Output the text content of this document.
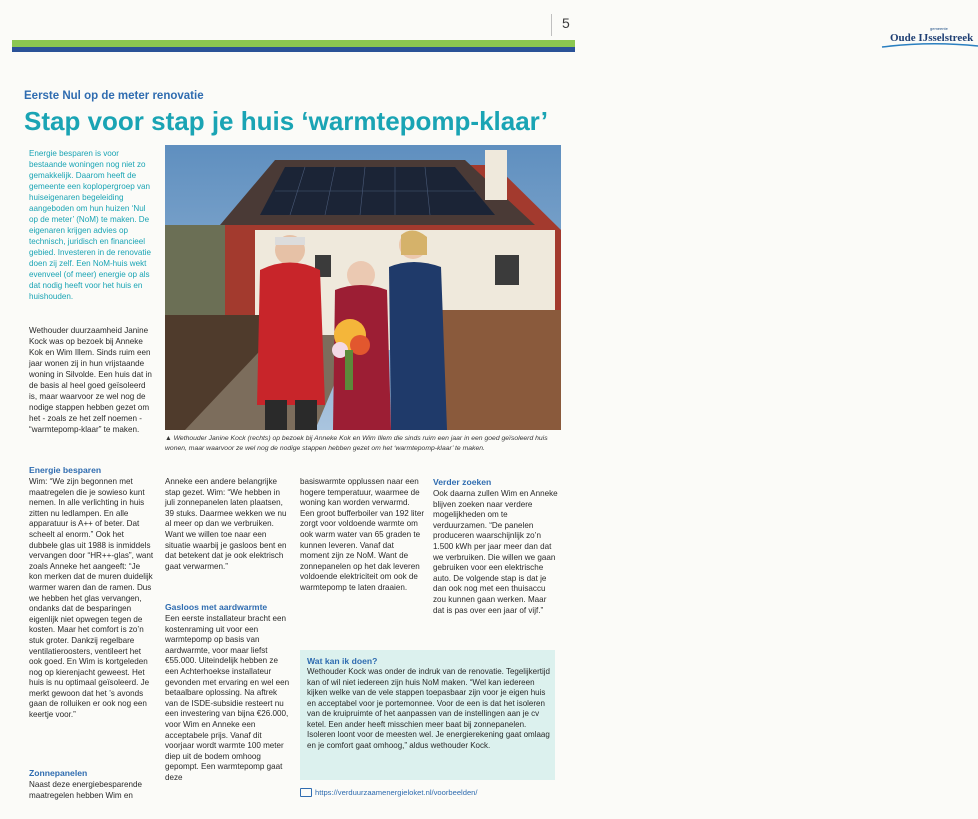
gemeente
Oude IJsselstreek
5
Eerste Nul op de meter renovatie
Stap voor stap je huis ‘warmtepomp-klaar’

Energie besparen is voor bestaande woningen nog niet zo gemakkelijk. Daarom heeft de gemeente een koplopergroep van huiseigenaren begeleiding aangeboden om hun huizen ‘Nul op de meter’ (NoM) te maken. De eigenaren krijgen advies op technisch, juridisch en financieel gebied. Investeren in de renovatie doen zij zelf. Een NoM-huis wekt evenveel (of meer) energie op als dat nodig heeft voor het huis en huishouden.

Wethouder duurzaamheid Janine Kock was op bezoek bij Anneke Kok en Wim Illem. Sinds ruim een jaar wonen zij in hun vrijstaande woning in Silvolde. Een huis dat in de basis al heel goed geïsoleerd is, maar waarvoor ze wel nog de nodige stappen hebben gezet om het - zoals ze het zelf noemen - “warmtepomp-klaar” te maken.

▲ Wethouder Janine Kock (rechts) op bezoek bij Anneke Kok en Wim Illem die sinds ruim een jaar in een goed geïsoleerd huis wonen, maar waarvoor ze wel nog de nodige stappen hebben gezet om het ‘warmtepomp-klaar’ te maken.
Energie besparen
Wim: “We zijn begonnen met maatregelen die je sowieso kunt nemen. In alle verlichting in huis zitten nu ledlampen. En alle apparatuur is A++ of beter. Dat scheelt al enorm.” Ook het dubbele glas uit 1988 is inmiddels vervangen door “HR++-glas”, want zoals Anneke het aangeeft: “Je kon merken dat de muren duidelijk warmer waren dan de ramen. Dus we hebben het glas vervangen, ondanks dat de besparingen eigenlijk niet opwegen tegen de kosten. Maar het comfort is zo’n stuk groter. Dankzij regelbare ventilatieroosters, ventileert het ook goed. En Wim is kortgeleden nog op kierenjacht geweest. Het huis is nu optimaal geïsoleerd. Je merkt gewoon dat het ’s avonds gaan de rolluiken er ook nog een keertje voor.”
Zonnepanelen
Naast deze energiebesparende maatregelen hebben Wim en
Anneke een andere belangrijke stap gezet. Wim: “We hebben in juli zonnepanelen laten plaatsen, 39 stuks. Daarmee wekken we nu al meer op dan we verbruiken. Want we willen toe naar een situatie waarbij je gasloos bent en dat betekent dat je ook elektrisch gaat verwarmen.”
Gasloos met aardwarmte
Een eerste installateur bracht een kostenraming uit voor een warmtepomp op basis van aardwarmte, voor maar liefst €55.000. Uiteindelijk hebben ze een Achterhoekse installateur gevonden met ervaring en wel een betaalbare oplossing. Na aftrek van de ISDE-subsidie resteert nu een investering van bijna €26.000, voor Wim en Anneke een acceptabele prijs. Vanaf dit voorjaar wordt warmte 100 meter diep uit de bodem omhoog gepompt. Een warmtepomp gaat deze
basiswarmte opplussen naar een hogere temperatuur, waarmee de woning kan worden verwarmd. Een groot bufferboiler van 192 liter zorgt voor voldoende warmte om ook warm water van 65 graden te kunnen leveren. Vanaf dat moment zijn ze NoM. Want de zonnepanelen op het dak leveren voldoende elektriciteit om ook de warmtepomp te laten draaien.
Verder zoeken
Ook daarna zullen Wim en Anneke blijven zoeken naar verdere mogelijkheden om te verduurzamen. “De panelen produceren waarschijnlijk zo’n 1.500 kWh per jaar meer dan dat we verbruiken. Die willen we gaan gebruiken voor een elektrische auto. De volgende stap is dat je dan ook nog met een thuisaccu zou kunnen gaan werken. Maar dat is pas over een jaar of vijf.”
Wat kan ik doen?
Wethouder Kock was onder de indruk van de renovatie. Tegelijkertijd kan of wil niet iedereen zijn huis NoM maken. “Wel kan iedereen kijken welke van de vele stappen toepasbaar zijn voor je eigen huis en acceptabel voor je portemonnee. Voor de een is dat het isoleren van de kruipruimte of het aanpassen van de instellingen aan je cv ketel. Een ander heeft misschien meer baat bij zonnepanelen. Isoleren loont voor de meesten wel. Je energierekening gaat omlaag en je comfort gaat omhoog,” aldus wethouder Kock.
https://verduurzaamenergieloket.nl/voorbeelden/
